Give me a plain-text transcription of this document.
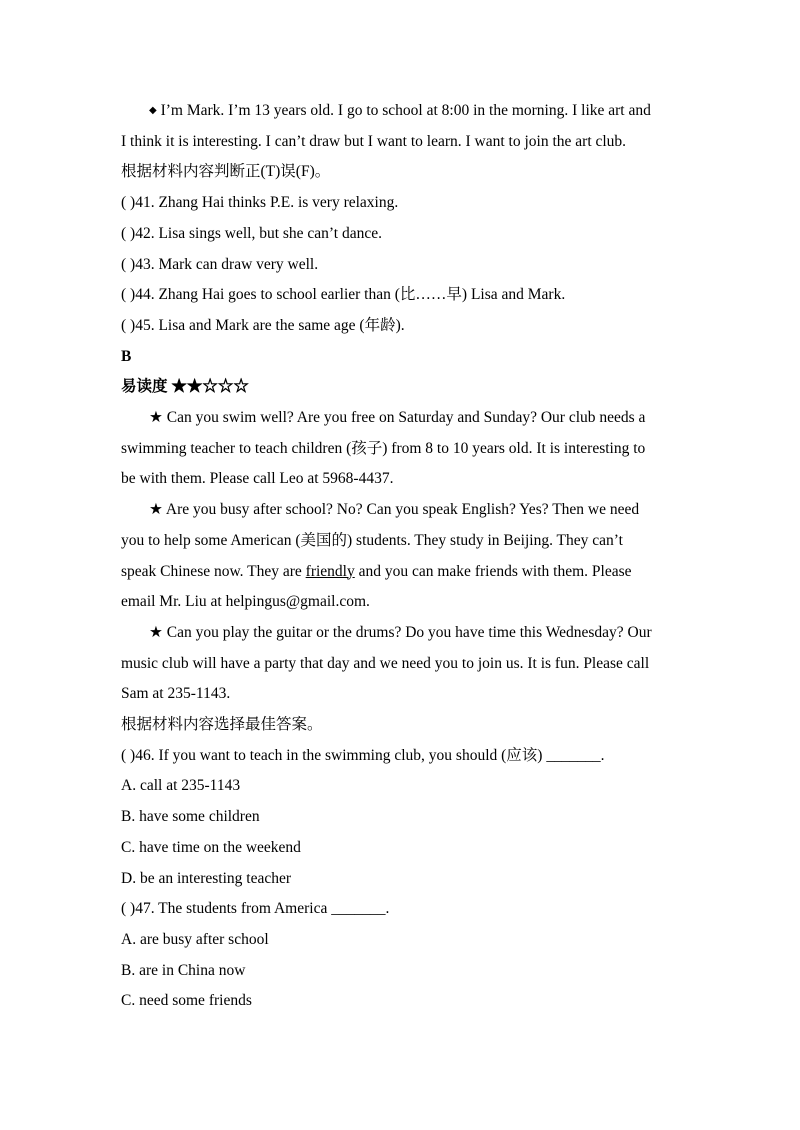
◆ I’m Mark. I’m 13 years old. I go to school at 8:00 in the morning. I like art and
I think it is interesting. I can’t draw but I want to learn. I want to join the art club.
根据材料内容判断正(T)误(F)。
( )41. Zhang Hai thinks P.E. is very relaxing.
( )42. Lisa sings well, but she can’t dance.
( )43. Mark can draw very well.
( )44. Zhang Hai goes to school earlier than (比……早) Lisa and Mark.
( )45. Lisa and Mark are the same age (年龄).
B
易读度 ★★☆☆☆
★ Can you swim well? Are you free on Saturday and Sunday? Our club needs a
swimming teacher to teach children (孩子) from 8 to 10 years old. It is interesting to
be with them. Please call Leo at 5968-4437.
★ Are you busy after school? No? Can you speak English? Yes? Then we need
you to help some American (美国的) students. They study in Beijing. They can’t
speak Chinese now. They are friendly and you can make friends with them. Please
email Mr. Liu at helpingus@gmail.com.
★ Can you play the guitar or the drums? Do you have time this Wednesday? Our
music club will have a party that day and we need you to join us. It is fun. Please call
Sam at 235-1143.
根据材料内容选择最佳答案。
( )46. If you want to teach in the swimming club, you should (应该) _______.
A. call at 235-1143
B. have some children
C. have time on the weekend
D. be an interesting teacher
( )47. The students from America _______.
A. are busy after school
B. are in China now
C. need some friends
